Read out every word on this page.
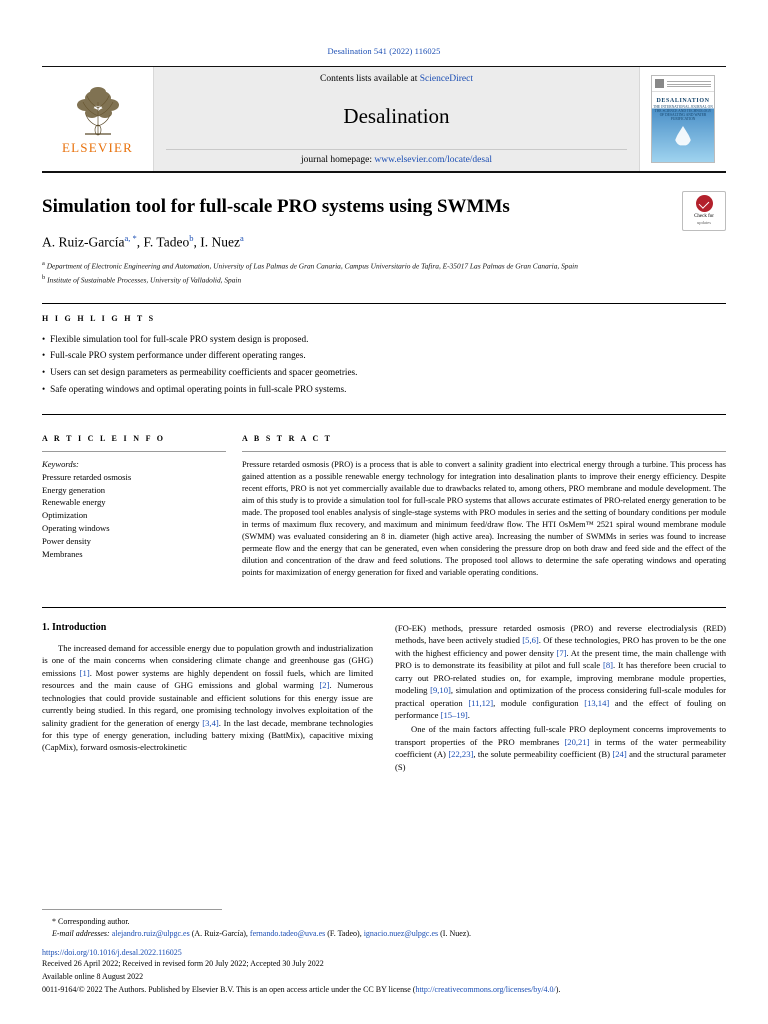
Desalination 541 (2022) 116025
ELSEVIER
Contents lists available at ScienceDirect
Desalination
journal homepage: www.elsevier.com/locate/desal
DESALINATION
THE INTERNATIONAL JOURNAL ON THE SCIENCE AND TECHNOLOGY OF DESALTING AND WATER PURIFICATION
Check for
updates
Simulation tool for full-scale PRO systems using SWMMs
A. Ruiz-García$^{a, *}$, F. Tadeo$^b$, I. Nuez$^a$
$^a$ Department of Electronic Engineering and Automation, University of Las Palmas de Gran Canaria, Campus Universitario de Tafira, E-35017 Las Palmas de Gran Canaria, Spain
$^b$ Institute of Sustainable Processes, University of Valladolid, Spain
H I G H L I G H T S
• Flexible simulation tool for full-scale PRO system design is proposed.
• Full-scale PRO system performance under different operating ranges.
• Users can set design parameters as permeability coefficients and spacer geometries.
• Safe operating windows and optimal operating points in full-scale PRO systems.
A R T I C L E I N F O
Keywords:
Pressure retarded osmosis
Energy generation
Renewable energy
Optimization
Operating windows
Power density
Membranes
A B S T R A C T
Pressure retarded osmosis (PRO) is a process that is able to convert a salinity gradient into electrical energy through a turbine. This process has gained attention as a possible renewable energy technology for integration into desalination plants to improve their energy efficiency. Despite recent efforts, PRO is not yet commercially available due to drawbacks related to, among others, PRO membrane and module development. The aim of this study is to provide a simulation tool for full-scale PRO systems that allows accurate estimates of PRO-related energy generation to be made. The proposed tool enables analysis of single-stage systems with PRO modules in series and the setting of boundary conditions per module in terms of maximum flux recovery, and maximum and minimum feed/draw flow. The HTI OsMem™ 2521 spiral wound membrane module (SWMM) was evaluated considering an 8 in. diameter (high active area). Increasing the number of SWMMs in series was found to increase permeate flow and the energy that can be generated, even when considering the pressure drop on both draw and feed side and the effect of the dilution and concentration of the draw and feed solutions. The proposed tool allows to determine the safe operating windows and operating points for maximization of energy generation for fixed and variable operating conditions.
1. Introduction

The increased demand for accessible energy due to population growth and industrialization is one of the main concerns when considering climate change and greenhouse gas (GHG) emissions [1]. Most power systems are highly dependent on fossil fuels, which are limited resources and the main cause of GHG emissions and global warming [2]. Numerous technologies that could provide sustainable and efficient solutions for this energy issue are currently being studied. In this regard, one promising technology involves exploitation of the salinity gradient for the generation of energy [3,4]. In the last decade, membrane technologies for this type of energy generation, including battery mixing (BattMix), capacitive mixing (CapMix), forward osmosis-electrokinetic

(FO-EK) methods, pressure retarded osmosis (PRO) and reverse electrodialysis (RED) methods, have been actively studied [5,6]. Of these technologies, PRO has proven to be the one with the highest efficiency and power density [7]. At the present time, the main challenge with PRO is to demonstrate its feasibility at pilot and full scale [8]. It has therefore been crucial to carry out PRO-related studies on, for example, improving membrane module properties, modeling [9,10], simulation and optimization of the process considering full-scale modules for practical operation [11,12], module configuration [13,14] and the effect of fouling on performance [15–19].

One of the main factors affecting full-scale PRO deployment concerns improvements to transport properties of the PRO membranes [20,21] in terms of the water permeability coefficient (A) [22,23], the solute permeability coefficient (B) [24] and the structural parameter (S)

* Corresponding author.
E-mail addresses: alejandro.ruiz@ulpgc.es (A. Ruiz-García), fernando.tadeo@uva.es (F. Tadeo), ignacio.nuez@ulpgc.es (I. Nuez).
https://doi.org/10.1016/j.desal.2022.116025
Received 26 April 2022; Received in revised form 20 July 2022; Accepted 30 July 2022
Available online 8 August 2022
0011-9164/© 2022 The Authors. Published by Elsevier B.V. This is an open access article under the CC BY license (http://creativecommons.org/licenses/by/4.0/).
